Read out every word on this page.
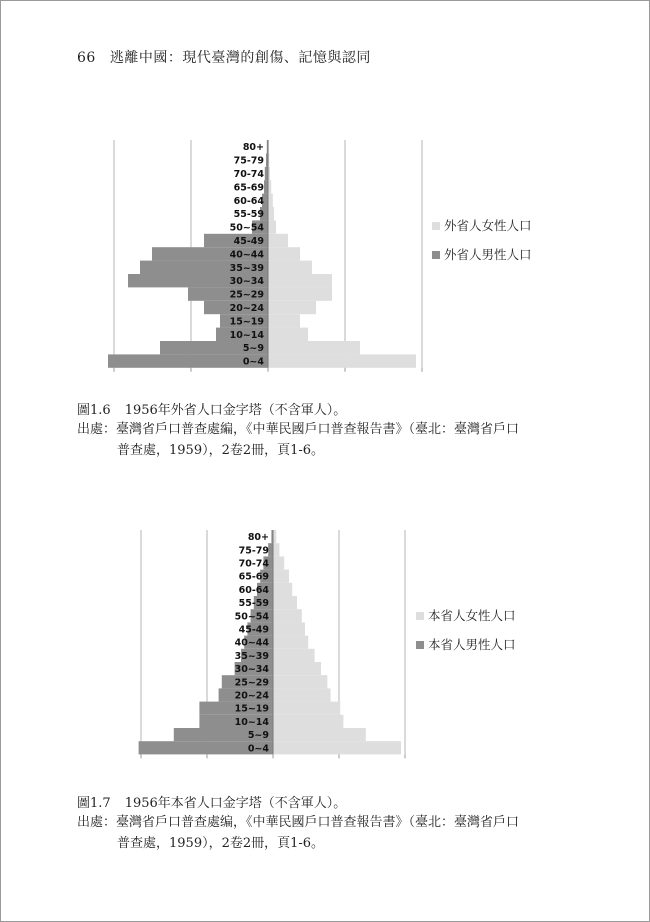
66 逃離中國：現代臺灣的創傷、記憶與認同
0~4
5~9
10~14
15~19
20~24
25~29
30~34
35~39
40~44
45-49
50~54
55-59
60-64
65-69
70-74
75-79
80+
外省人女性人口
外省人男性人口
圖1.6 1956年外省人口金字塔（不含軍人）。
出處：臺灣省戶口普查處編，《中華民國戶口普查報告書》（臺北：臺灣省戶口
普查處，1959），2卷2冊，頁1-6。
0~4
5~9
10~14
15~19
20~24
25~29
30~34
35~39
40~44
45-49
50~54
55-59
60-64
65-69
70-74
75-79
80+
本省人女性人口
本省人男性人口
圖1.7 1956年本省人口金字塔（不含軍人）。
出處：臺灣省戶口普查處编，《中華民國戶口普查報告書》（臺北：臺灣省戶口
普查處，1959），2卷2冊，頁1-6。
